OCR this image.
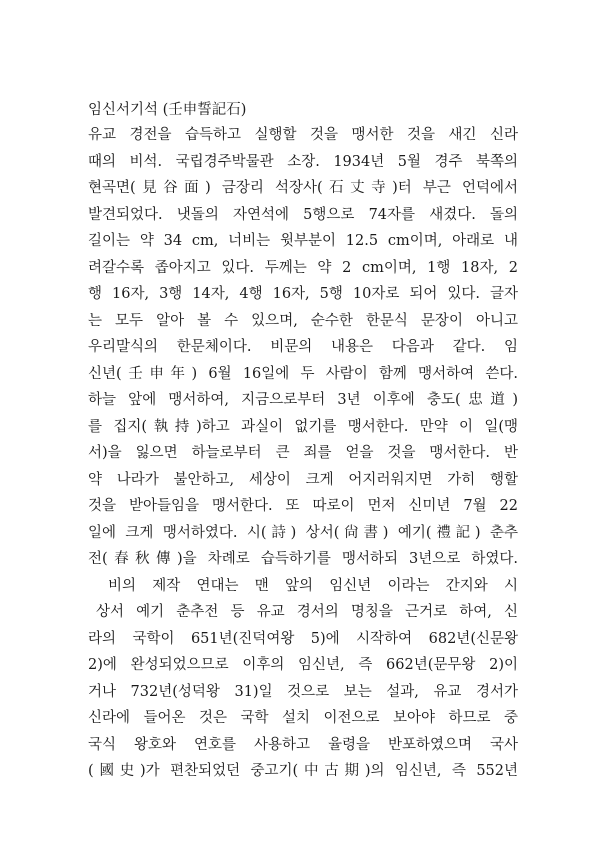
임신서기석 (壬申誓記石)
유교 경전을 습득하고 실행할 것을 맹서한 것을 새긴 신라
때의 비석. 국립경주박물관 소장. 1934년 5월 경주 북쪽의
현곡면(見谷面) 금장리 석장사(石丈寺)터 부근 언덕에서
발견되었다. 냇돌의 자연석에 5행으로 74자를 새겼다. 돌의
길이는 약 34 cm, 너비는 윗부분이 12.5 cm이며, 아래로 내
려갈수록 좁아지고 있다. 두께는 약 2 cm이며, 1행 18자, 2
행 16자, 3행 14자, 4행 16자, 5행 10자로 되어 있다. 글자
는 모두 알아 볼 수 있으며, 순수한 한문식 문장이 아니고
우리말식의 한문체이다. 비문의 내용은 다음과 같다. 임
신년(壬申年) 6월 16일에 두 사람이 함께 맹서하여 쓴다.
하늘 앞에 맹서하여, 지금으로부터 3년 이후에 충도(忠道)
를 집지(執持)하고 과실이 없기를 맹서한다. 만약 이 일(맹
서)을 잃으면 하늘로부터 큰 죄를 얻을 것을 맹서한다. 반
약 나라가 불안하고, 세상이 크게 어지러워지면 가히 행할
것을 받아들임을 맹서한다. 또 따로이 먼저 신미년 7월 22
일에 크게 맹서하였다. 시(詩) 상서(尙書) 예기(禮記) 춘추
전(春秋傳)을 차례로 습득하기를 맹서하되 3년으로 하였다.
비의 제작 연대는 맨 앞의 임신년 이라는 간지와 시
상서 예기 춘추전 등 유교 경서의 명칭을 근거로 하여, 신
라의 국학이 651년(진덕여왕 5)에 시작하여 682년(신문왕
2)에 완성되었으므로 이후의 임신년, 즉 662년(문무왕 2)이
거나 732년(성덕왕 31)일 것으로 보는 설과, 유교 경서가
신라에 들어온 것은 국학 설치 이전으로 보아야 하므로 중
국식 왕호와 연호를 사용하고 율령을 반포하였으며 국사
(國史)가 편찬되었던 중고기(中古期)의 임신년, 즉 552년
